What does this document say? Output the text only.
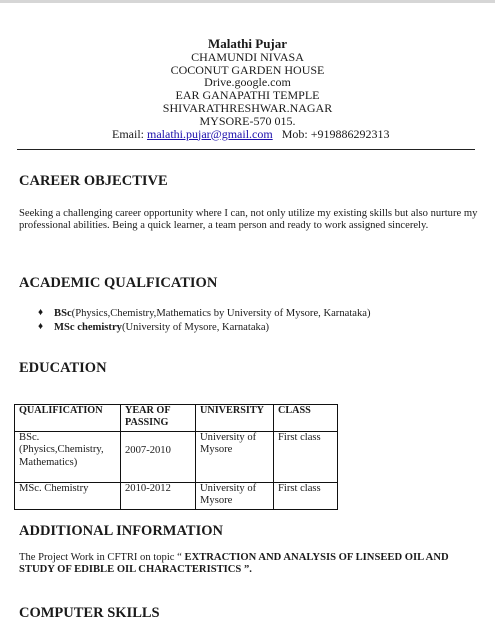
Malathi Pujar
CHAMUNDI NIVASA
COCONUT GARDEN HOUSE
Drive.google.com
EAR GANAPATHI TEMPLE
SHIVARATHRESHWAR.NAGAR
MYSORE-570 015.
Email: malathi.pujar@gmail.com Mob: +919886292313
CAREER OBJECTIVE
Seeking a challenging career opportunity where I can, not only utilize my existing skills but also nurture my professional abilities. Being a quick learner, a team person and ready to work assigned sincerely.
ACADEMIC QUALFICATION
♦ BSc(Physics,Chemistry,Mathematics by University of Mysore, Karnataka)
♦ MSc chemistry(University of Mysore, Karnataka)
EDUCATION
QUALIFICATION	YEAR OF PASSING	UNIVERSITY	CLASS
BSc. (Physics,Chemistry, Mathematics)	2007-2010	University of Mysore	First class
MSc. Chemistry	2010-2012	University of Mysore	First class
ADDITIONAL INFORMATION
The Project Work in CFTRI on topic “ EXTRACTION AND ANALYSIS OF LINSEED OIL AND STUDY OF EDIBLE OIL CHARACTERISTICS ”.
COMPUTER SKILLS
